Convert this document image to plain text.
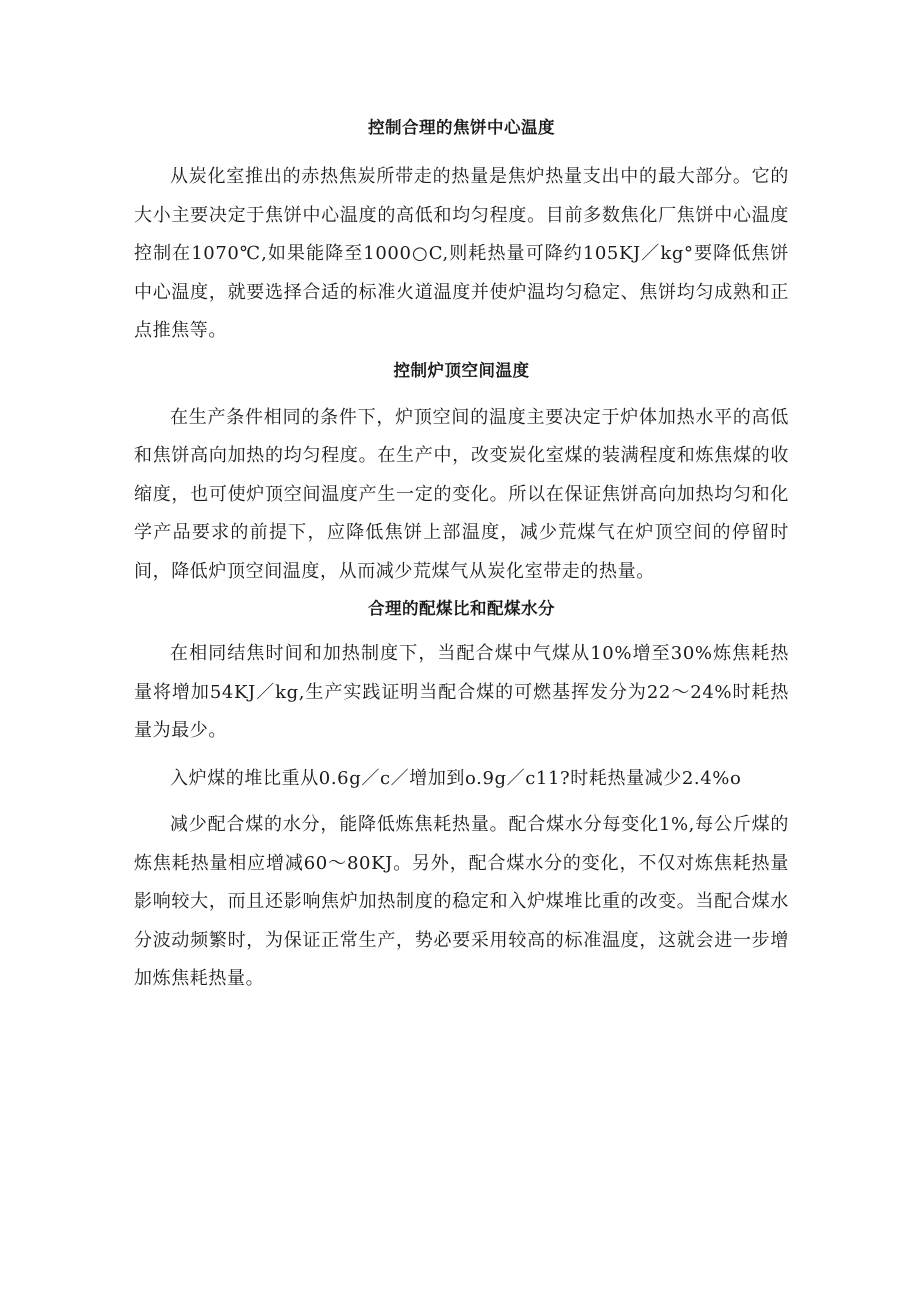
控制合理的焦饼中心温度

从炭化室推出的赤热焦炭所带走的热量是焦炉热量支出中的最大部分。它的大小主要决定于焦饼中心温度的高低和均匀程度。目前多数焦化厂焦饼中心温度控制在1070℃,如果能降至1000○C,则耗热量可降约105KJ／kg°要降低焦饼中心温度，就要选择合适的标准火道温度并使炉温均匀稳定、焦饼均匀成熟和正点推焦等。

控制炉顶空间温度

在生产条件相同的条件下，炉顶空间的温度主要决定于炉体加热水平的高低和焦饼高向加热的均匀程度。在生产中，改变炭化室煤的装满程度和炼焦煤的收缩度，也可使炉顶空间温度产生一定的变化。所以在保证焦饼高向加热均匀和化学产品要求的前提下，应降低焦饼上部温度，减少荒煤气在炉顶空间的停留时间，降低炉顶空间温度，从而减少荒煤气从炭化室带走的热量。

合理的配煤比和配煤水分

在相同结焦时间和加热制度下，当配合煤中气煤从10%增至30%炼焦耗热量将增加54KJ／kg,生产实践证明当配合煤的可燃基挥发分为22～24%时耗热量为最少。

入炉煤的堆比重从0.6g／c／增加到o.9g／c11?时耗热量减少2.4%o

减少配合煤的水分，能降低炼焦耗热量。配合煤水分每变化1%,每公斤煤的炼焦耗热量相应增减60～80KJ。另外，配合煤水分的变化，不仅对炼焦耗热量影响较大，而且还影响焦炉加热制度的稳定和入炉煤堆比重的改变。当配合煤水分波动频繁时，为保证正常生产，势必要采用较高的标准温度，这就会进一步增加炼焦耗热量。
